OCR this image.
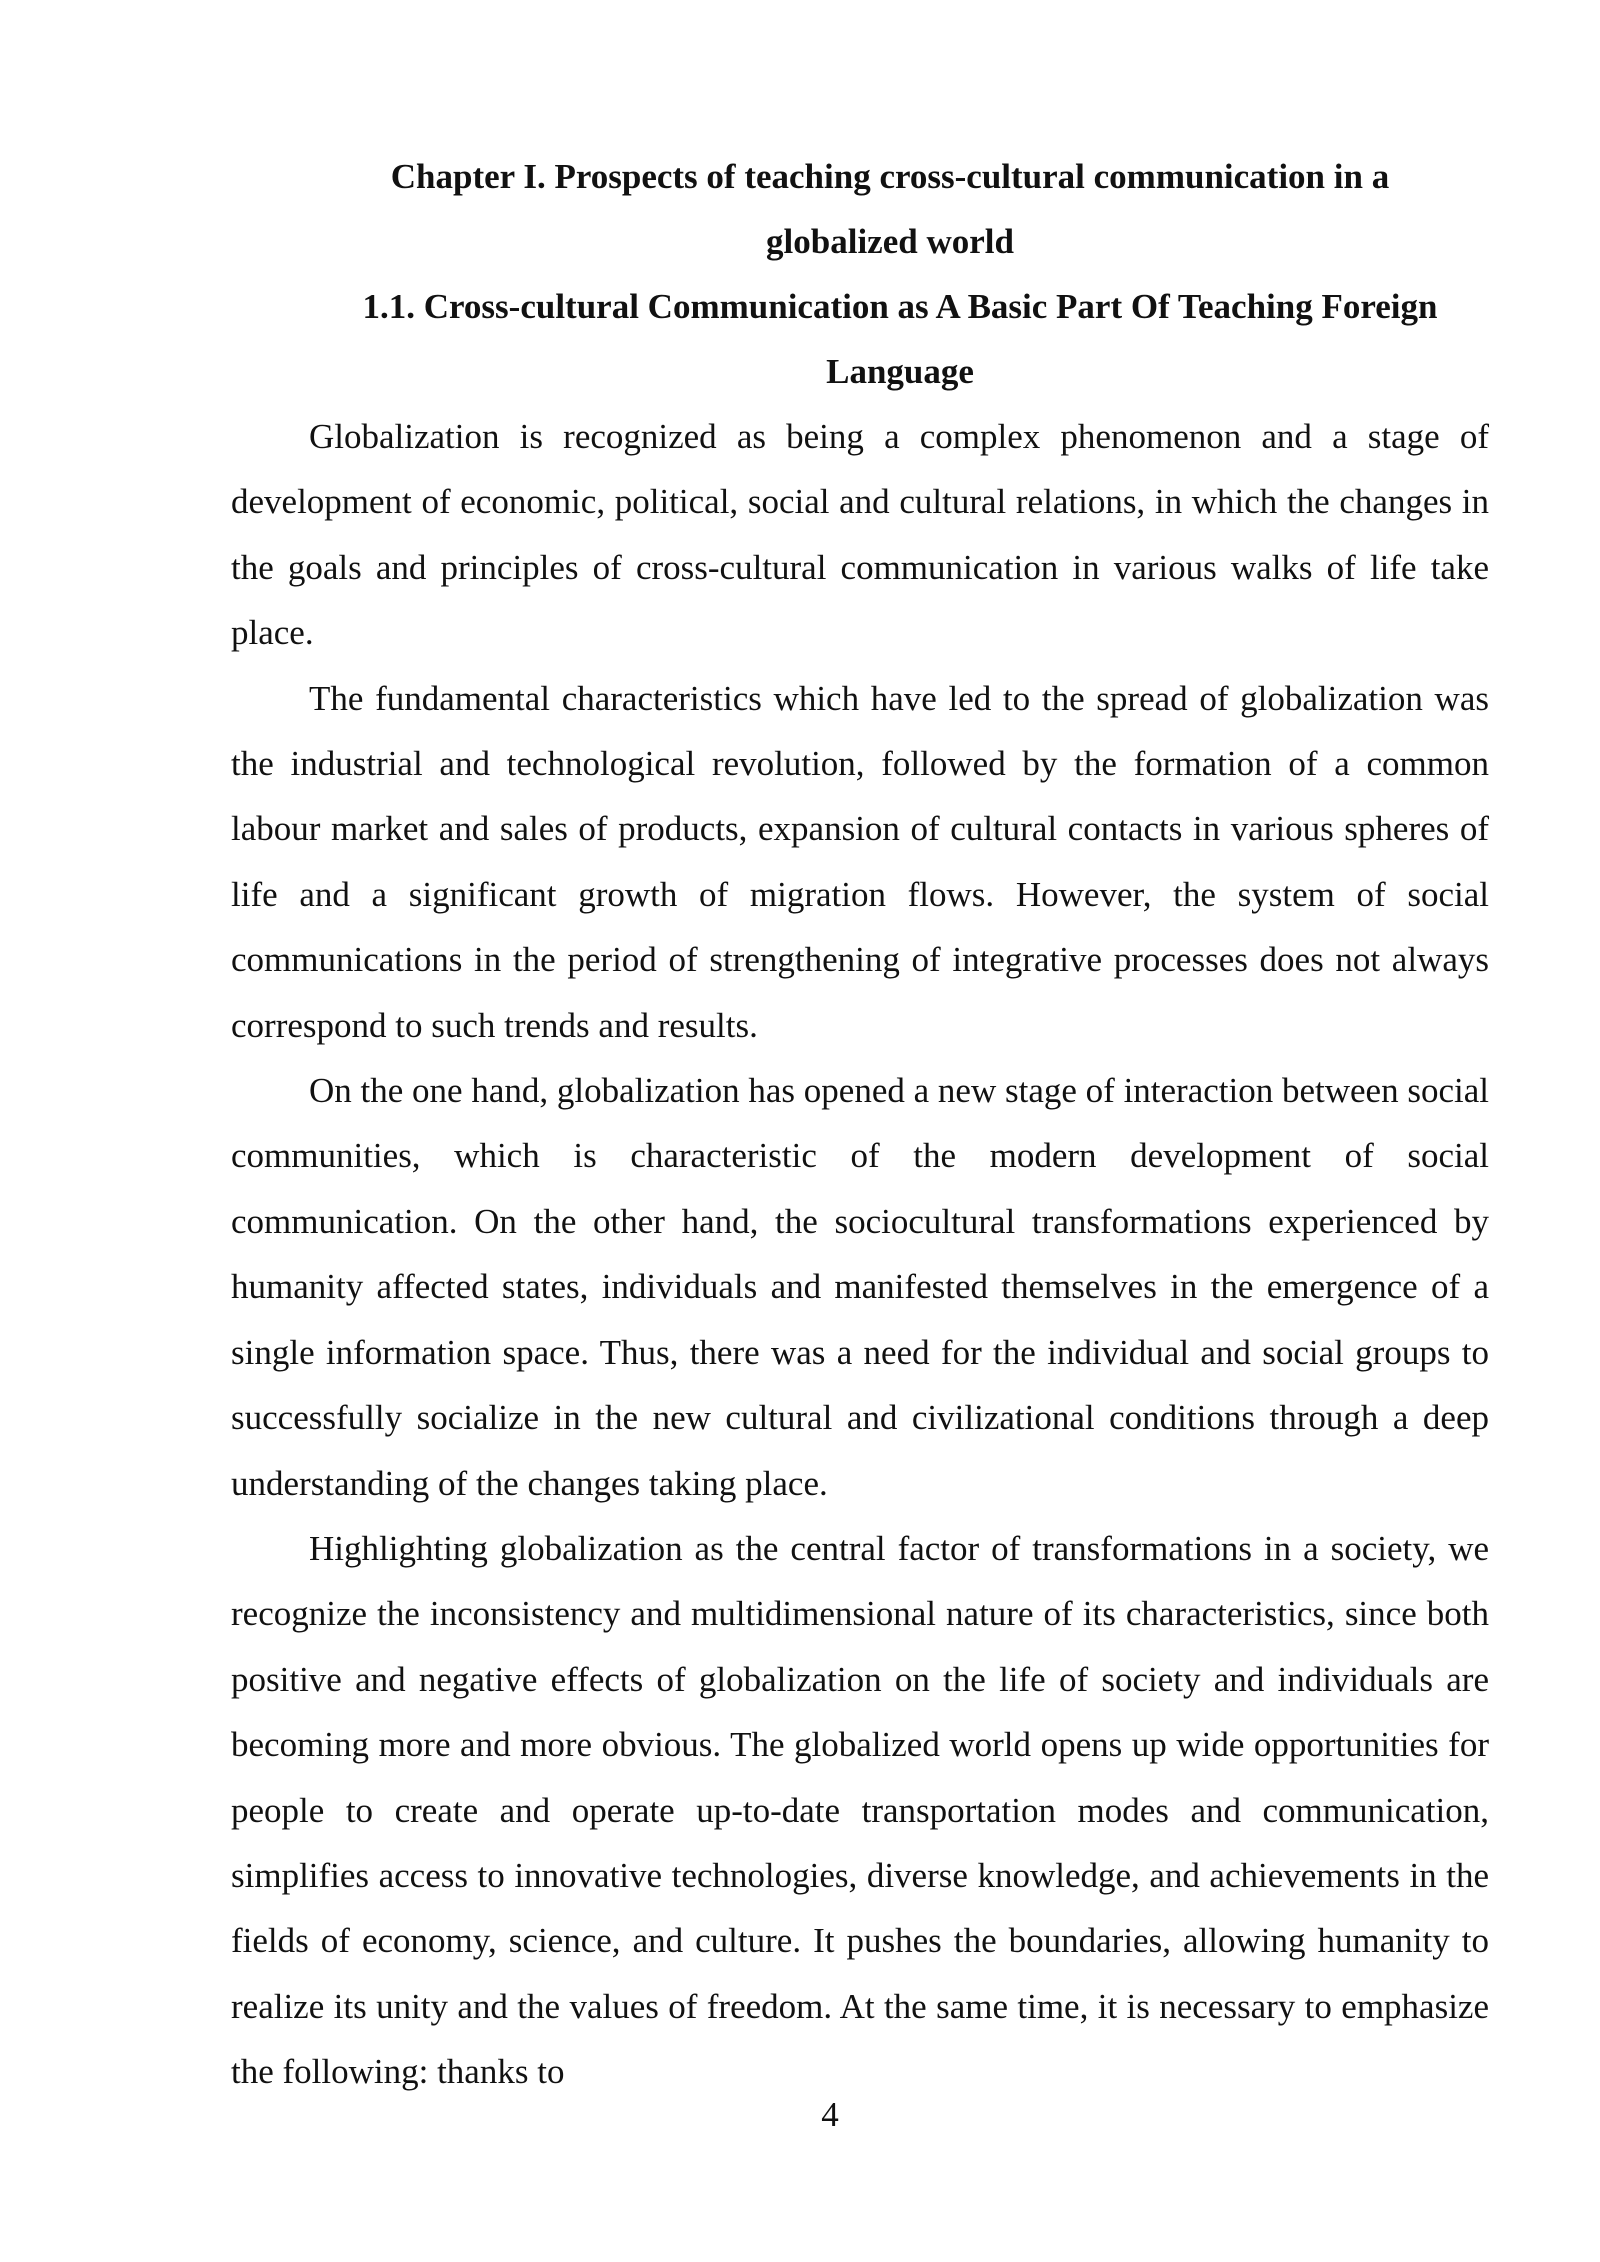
Chapter I. Prospects of teaching cross-cultural communication in a globalized world
1.1. Cross-cultural Communication as A Basic Part Of Teaching Foreign Language

Globalization is recognized as being a complex phenomenon and a stage of development of economic, political, social and cultural relations, in which the changes in the goals and principles of cross-cultural communication in various walks of life take place.

The fundamental characteristics which have led to the spread of globalization was the industrial and technological revolution, followed by the formation of a common labour market and sales of products, expansion of cultural contacts in various spheres of life and a significant growth of migration flows. However, the system of social communications in the period of strengthening of integrative processes does not always correspond to such trends and results.

On the one hand, globalization has opened a new stage of interaction between social communities, which is characteristic of the modern development of social communication. On the other hand, the sociocultural transformations experienced by humanity affected states, individuals and manifested themselves in the emergence of a single information space. Thus, there was a need for the individual and social groups to successfully socialize in the new cultural and civilizational conditions through a deep understanding of the changes taking place.

Highlighting globalization as the central factor of transformations in a society, we recognize the inconsistency and multidimensional nature of its characteristics, since both positive and negative effects of globalization on the life of society and individuals are becoming more and more obvious. The globalized world opens up wide opportunities for people to create and operate up-to-date transportation modes and communication, simplifies access to innovative technologies, diverse knowledge, and achievements in the fields of economy, science, and culture. It pushes the boundaries, allowing humanity to realize its unity and the values of freedom. At the same time, it is necessary to emphasize the following: thanks to

4
